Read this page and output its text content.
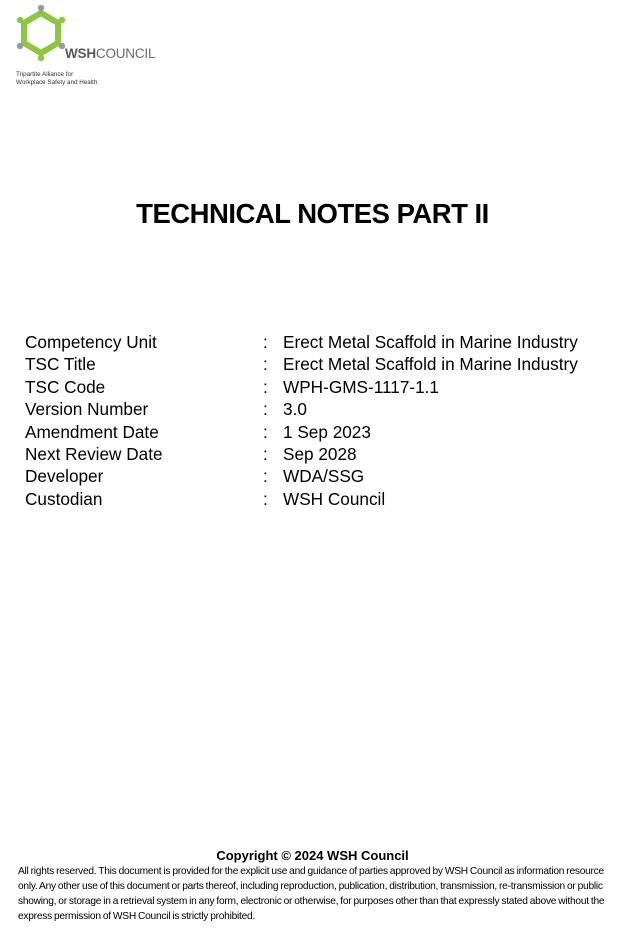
WSHCOUNCIL
Tripartite Alliance for
Workplace Safety and Health
TECHNICAL NOTES PART II
Competency Unit	: Erect Metal Scaffold in Marine Industry
TSC Title	: Erect Metal Scaffold in Marine Industry
TSC Code	: WPH-GMS-1117-1.1
Version Number	: 3.0
Amendment Date	: 1 Sep 2023
Next Review Date	: Sep 2028
Developer	: WDA/SSG
Custodian	: WSH Council
Copyright © 2024 WSH Council

All rights reserved. This document is provided for the explicit use and guidance of parties approved by WSH Council as information resource only. Any other use of this document or parts thereof, including reproduction, publication, distribution, transmission, re-transmission or public showing, or storage in a retrieval system in any form, electronic or otherwise, for purposes other than that expressly stated above without the express permission of WSH Council is strictly prohibited.
